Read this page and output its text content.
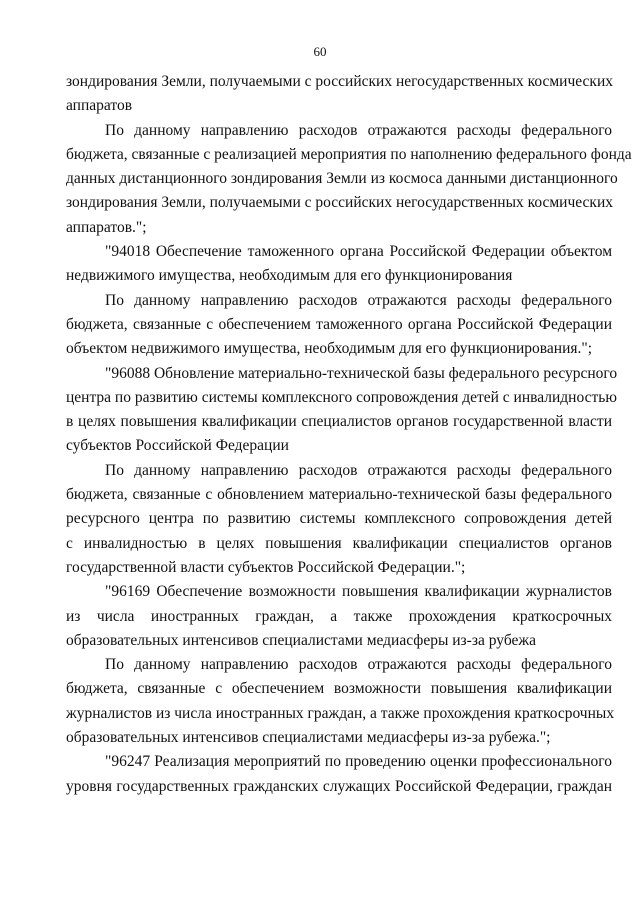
60
зондирования Земли, получаемыми с российских негосударственных космических
аппаратов
По данному направлению расходов отражаются расходы федерального
бюджета, связанные с реализацией мероприятия по наполнению федерального фонда
данных дистанционного зондирования Земли из космоса данными дистанционного
зондирования Земли, получаемыми с российских негосударственных космических
аппаратов.";
"94018 Обеспечение таможенного органа Российской Федерации объектом
недвижимого имущества, необходимым для его функционирования
По данному направлению расходов отражаются расходы федерального
бюджета, связанные с обеспечением таможенного органа Российской Федерации
объектом недвижимого имущества, необходимым для его функционирования.";
"96088 Обновление материально-технической базы федерального ресурсного
центра по развитию системы комплексного сопровождения детей с инвалидностью
в целях повышения квалификации специалистов органов государственной власти
субъектов Российской Федерации
По данному направлению расходов отражаются расходы федерального
бюджета, связанные с обновлением материально-технической базы федерального
ресурсного центра по развитию системы комплексного сопровождения детей
с инвалидностью в целях повышения квалификации специалистов органов
государственной власти субъектов Российской Федерации.";
"96169 Обеспечение возможности повышения квалификации журналистов
из числа иностранных граждан, а также прохождения краткосрочных
образовательных интенсивов специалистами медиасферы из-за рубежа
По данному направлению расходов отражаются расходы федерального
бюджета, связанные с обеспечением возможности повышения квалификации
журналистов из числа иностранных граждан, а также прохождения краткосрочных
образовательных интенсивов специалистами медиасферы из-за рубежа.";
"96247 Реализация мероприятий по проведению оценки профессионального
уровня государственных гражданских служащих Российской Федерации, граждан
